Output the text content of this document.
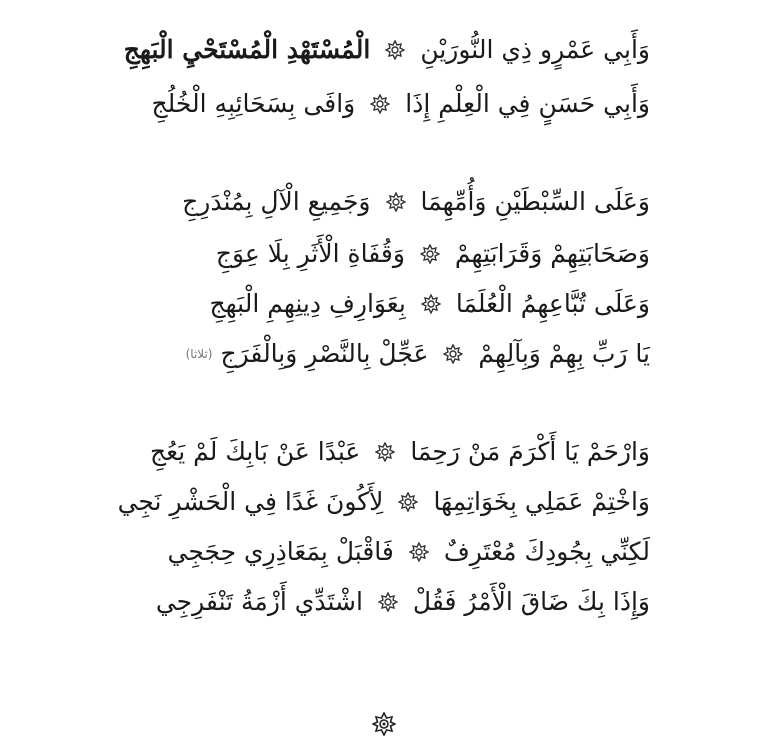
وَأَبِي عَمْرٍو ذِي النُّورَيْنِ
الْمُسْتَهْدِ الْمُسْتَحْيِ الْبَهِجِ
وَأَبِي حَسَنٍ فِي الْعِلْمِ إِذَا
وَافَى بِسَحَائِبِهِ الْخُلُجِ
وَعَلَى السِّبْطَيْنِ وَأُمِّهِمَا
وَجَمِيعِ الْآلِ بِمُنْدَرِجِ
وَصَحَابَتِهِمْ وَقَرَابَتِهِمْ
وَقُفَاةِ الْأَثَرِ بِلَا عِوَجِ
وَعَلَى تُبَّاعِهِمُ الْعُلَمَا
بِعَوَارِفِ دِينِهِمِ الْبَهِجِ
يَا رَبِّ بِهِمْ وَبِآلِهِمْ
عَجِّلْ بِالنَّصْرِ وَبِالْفَرَجِ
(ثلاثا)
وَارْحَمْ يَا أَكْرَمَ مَنْ رَحِمَا
عَبْدًا عَنْ بَابِكَ لَمْ يَعُجِ
وَاخْتِمْ عَمَلِي بِخَوَاتِمِهَا
لِأَكُونَ غَدًا فِي الْحَشْرِ نَجِي
لَكِنِّي بِجُودِكَ مُعْتَرِفٌ
فَاقْبَلْ بِمَعَاذِرِي حِجَجِي
وَإِذَا بِكَ ضَاقَ الْأَمْرُ فَقُلْ
اشْتَدِّي أَزْمَةُ تَنْفَرِجِي
